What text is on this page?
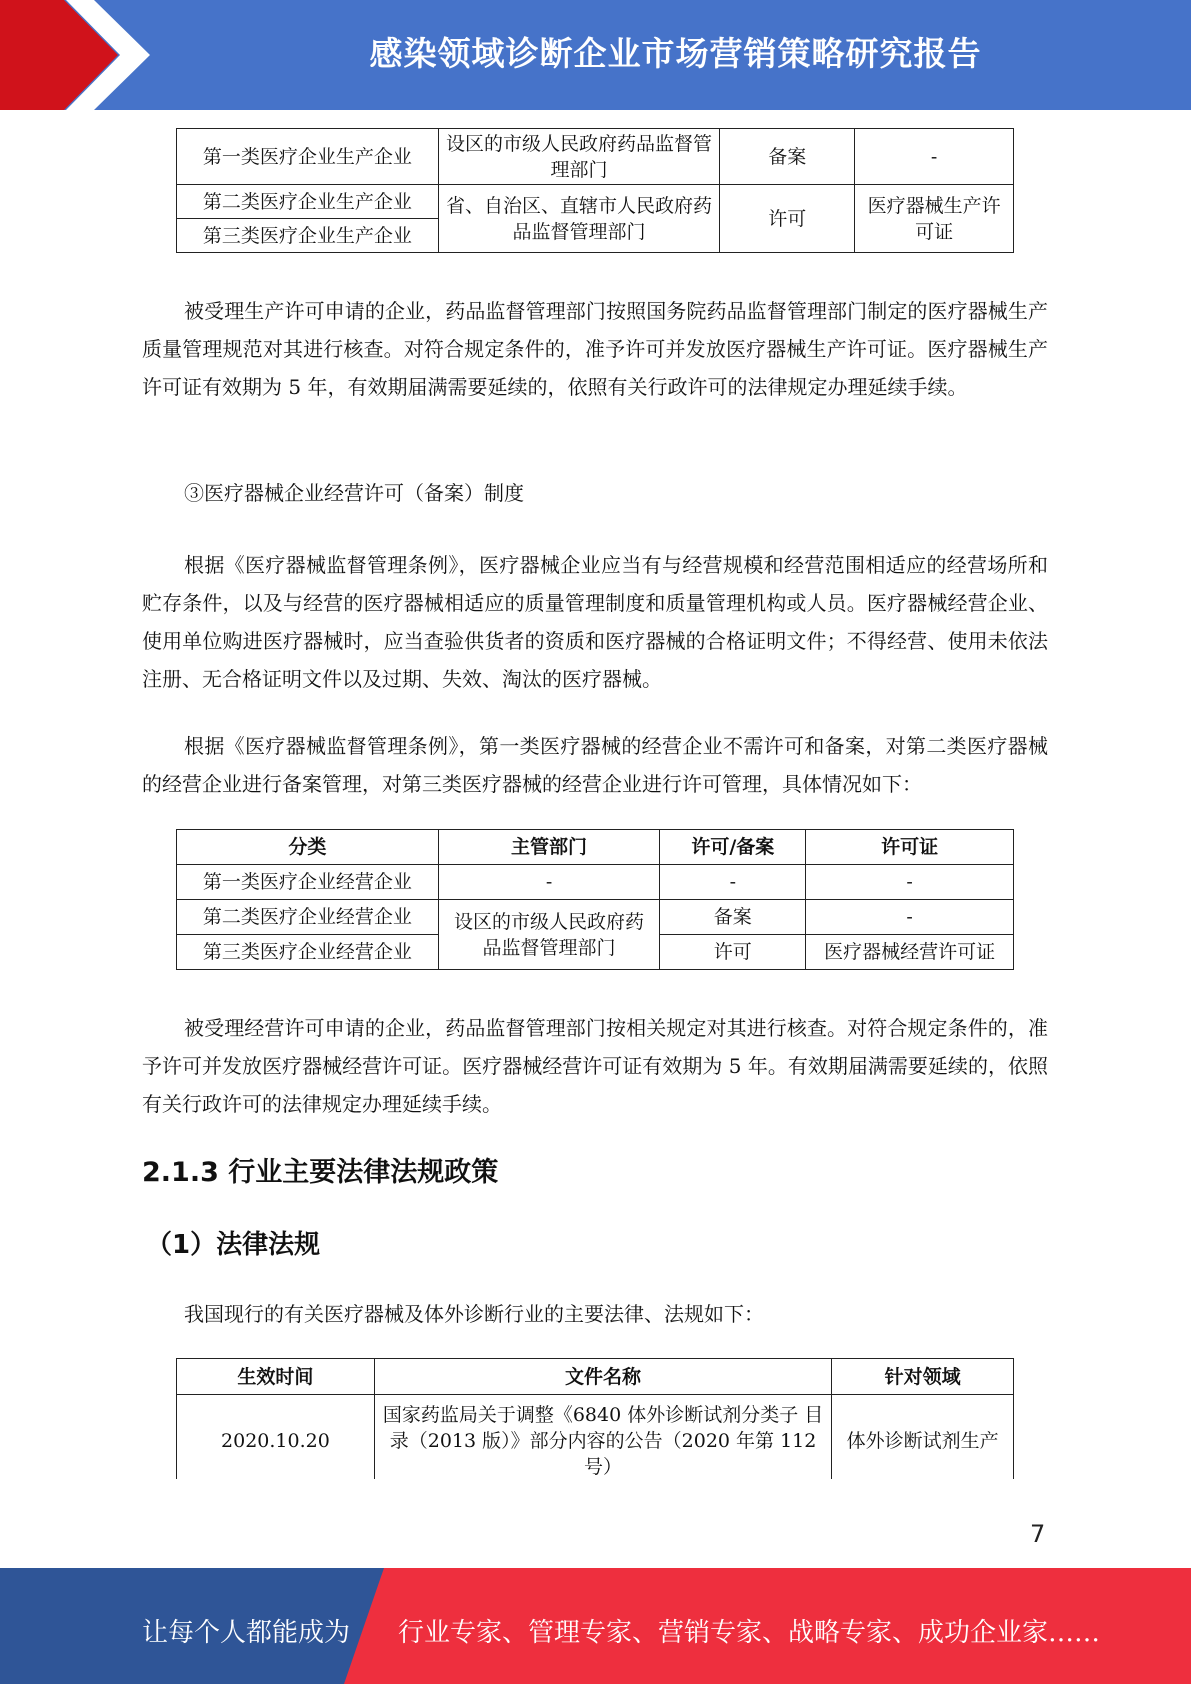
感染领域诊断企业市场营销策略研究报告
第一类医疗企业生产企业	设区的市级人民政府药品监督管理部门	备案	-
第二类医疗企业生产企业	省、自治区、直辖市人民政府药品监督管理部门	许可	医疗器械生产许可证
第三类医疗企业生产企业			

被受理生产许可申请的企业，药品监督管理部门按照国务院药品监督管理部门制定的医疗器械生产质量管理规范对其进行核查。对符合规定条件的，准予许可并发放医疗器械生产许可证。医疗器械生产许可证有效期为 5 年，有效期届满需要延续的，依照有关行政许可的法律规定办理延续手续。

③医疗器械企业经营许可（备案）制度

根据《医疗器械监督管理条例》，医疗器械企业应当有与经营规模和经营范围相适应的经营场所和贮存条件，以及与经营的医疗器械相适应的质量管理制度和质量管理机构或人员。医疗器械经营企业、使用单位购进医疗器械时，应当查验供货者的资质和医疗器械的合格证明文件；不得经营、使用未依法注册、无合格证明文件以及过期、失效、淘汰的医疗器械。

根据《医疗器械监督管理条例》，第一类医疗器械的经营企业不需许可和备案，对第二类医疗器械的经营企业进行备案管理，对第三类医疗器械的经营企业进行许可管理，具体情况如下：

分类	主管部门	许可/备案	许可证
第一类医疗企业经营企业	-	-	-
第二类医疗企业经营企业	设区的市级人民政府药品监督管理部门	备案	-
第三类医疗企业经营企业		许可	医疗器械经营许可证

被受理经营许可申请的企业，药品监督管理部门按相关规定对其进行核查。对符合规定条件的，准予许可并发放医疗器械经营许可证。医疗器械经营许可证有效期为 5 年。有效期届满需要延续的，依照有关行政许可的法律规定办理延续手续。

2.1.3 行业主要法律法规政策
（1）法律法规

我国现行的有关医疗器械及体外诊断行业的主要法律、法规如下：

生效时间	文件名称	针对领域
2020.10.20	国家药监局关于调整《6840 体外诊断试剂分类子 目录（2013 版）》部分内容的公告（2020 年第 112 号）	体外诊断试剂生产
7
让每个人都能成为 行业专家、管理专家、营销专家、战略专家、成功企业家……
